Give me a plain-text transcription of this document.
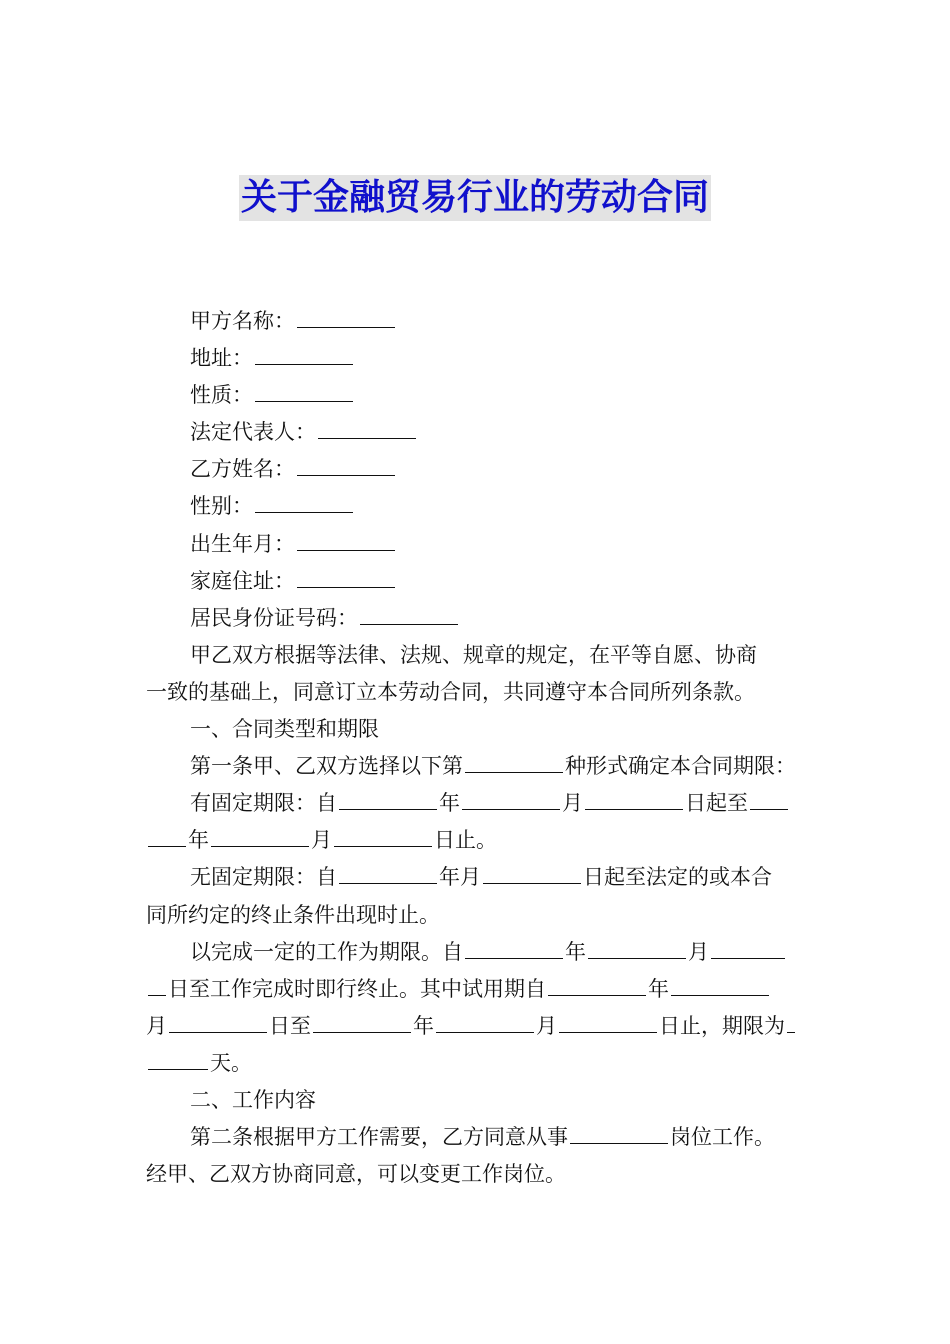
关于金融贸易行业的劳动合同
甲方名称：
地址：
性质：
法定代表人：
乙方姓名：
性别：
出生年月：
家庭住址：
居民身份证号码：
甲乙双方根据等法律、法规、规章的规定，在平等自愿、协商
一致的基础上，同意订立本劳动合同，共同遵守本合同所列条款。
一、合同类型和期限
第一条甲、乙双方选择以下第	种形式确定本合同期限：
有固定期限：自	年	月	日起至
年	月	日止。
无固定期限：自	年月	日起至法定的或本合
同所约定的终止条件出现时止。
以完成一定的工作为期限。自	年	月
日至工作完成时即行终止。其中试用期自	年
月	日至	年	月	日止，期限为
天。
二、工作内容
第二条根据甲方工作需要，乙方同意从事	岗位工作。
经甲、乙双方协商同意，可以变更工作岗位。
